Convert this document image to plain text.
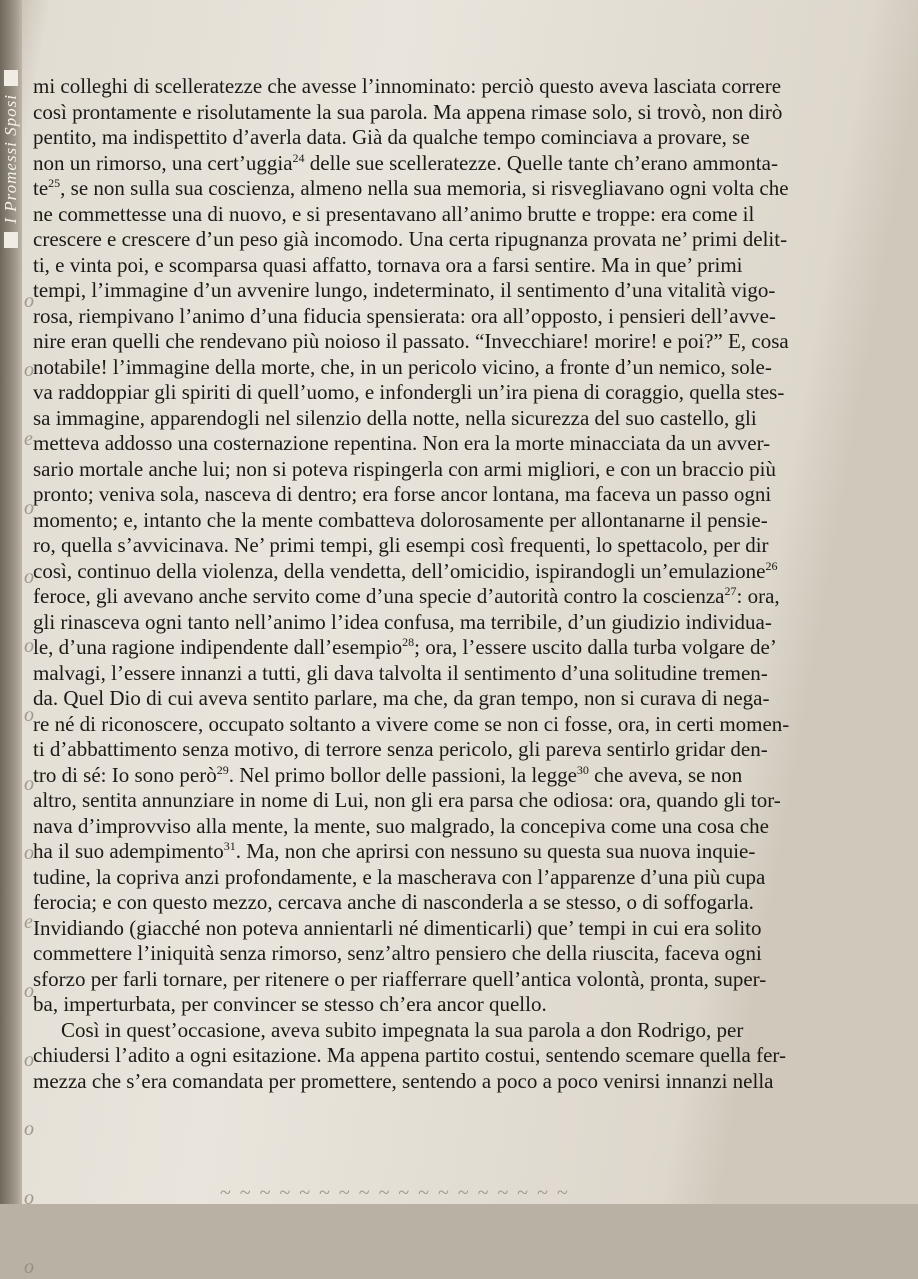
I Promessi Sposi
o
o
e
o
o
o
o
o
o
e
o
o
o
o
o
mi colleghi di scelleratezze che avesse l’innominato: perciò questo aveva lasciata correre
così prontamente e risolutamente la sua parola. Ma appena rimase solo, si trovò, non dirò
pentito, ma indispettito d’averla data. Già da qualche tempo cominciava a provare, se
non un rimorso, una cert’uggia$^{24}$ delle sue scelleratezze. Quelle tante ch’erano ammonta-
$te^{25}$, se non sulla sua coscienza, almeno nella sua memoria, si risvegliavano ogni volta che
ne commettesse una di nuovo, e si presentavano all’animo brutte e troppe: era come il
crescere e crescere d’un peso già incomodo. Una certa ripugnanza provata ne’ primi delit-
ti, e vinta poi, e scomparsa quasi affatto, tornava ora a farsi sentire. Ma in que’ primi
tempi, l’immagine d’un avvenire lungo, indeterminato, il sentimento d’una vitalità vigo-
rosa, riempivano l’animo d’una fiducia spensierata: ora all’opposto, i pensieri dell’avve-
nire eran quelli che rendevano più noioso il passato. “Invecchiare! morire! e poi?” E, cosa
notabile! l’immagine della morte, che, in un pericolo vicino, a fronte d’un nemico, sole-
va raddoppiar gli spiriti di quell’uomo, e infondergli un’ira piena di coraggio, quella stes-
sa immagine, apparendogli nel silenzio della notte, nella sicurezza del suo castello, gli
metteva addosso una costernazione repentina. Non era la morte minacciata da un avver-
sario mortale anche lui; non si poteva rispingerla con armi migliori, e con un braccio più
pronto; veniva sola, nasceva di dentro; era forse ancor lontana, ma faceva un passo ogni
momento; e, intanto che la mente combatteva dolorosamente per allontanarne il pensie-
ro, quella s’avvicinava. Ne’ primi tempi, gli esempi così frequenti, lo spettacolo, per dir
così, continuo della violenza, della vendetta, dell’omicidio, ispirandogli un’emulazione$^{26}$
feroce, gli avevano anche servito come d’una specie d’autorità contro la coscienza$^{27}$: ora,
gli rinasceva ogni tanto nell’animo l’idea confusa, ma terribile, d’un giudizio individua-
le, d’una ragione indipendente dall’esempio$^{28}$; ora, l’essere uscito dalla turba volgare de’
malvagi, l’essere innanzi a tutti, gli dava talvolta il sentimento d’una solitudine tremen-
da. Quel Dio di cui aveva sentito parlare, ma che, da gran tempo, non si curava di nega-
re né di riconoscere, occupato soltanto a vivere come se non ci fosse, ora, in certi momen-
ti d’abbattimento senza motivo, di terrore senza pericolo, gli pareva sentirlo gridar den-
tro di sé: Io sono però$^{29}$. Nel primo bollor delle passioni, la legge$^{30}$ che aveva, se non
altro, sentita annunziare in nome di Lui, non gli era parsa che odiosa: ora, quando gli tor-
nava d’improvviso alla mente, la mente, suo malgrado, la concepiva come una cosa che
ha il suo adempimento$^{31}$. Ma, non che aprirsi con nessuno su questa sua nuova inquie-
tudine, la copriva anzi profondamente, e la mascherava con l’apparenze d’una più cupa
ferocia; e con questo mezzo, cercava anche di nasconderla a se stesso, o di soffogarla.
Invidiando (giacché non poteva annientarli né dimenticarli) que’ tempi in cui era solito
commettere l’iniquità senza rimorso, senz’altro pensiero che della riuscita, faceva ogni
sforzo per farli tornare, per ritenere o per riafferrare quell’antica volontà, pronta, super-
ba, imperturbata, per convincer se stesso ch’era ancor quello.
Così in quest’occasione, aveva subito impegnata la sua parola a don Rodrigo, per
chiudersi l’adito a ogni esitazione. Ma appena partito costui, sentendo scemare quella fer-
mezza che s’era comandata per promettere, sentendo a poco a poco venirsi innanzi nella
~ ~ ~ ~ ~ ~ ~ ~ ~ ~ ~ ~ ~ ~ ~ ~ ~ ~
